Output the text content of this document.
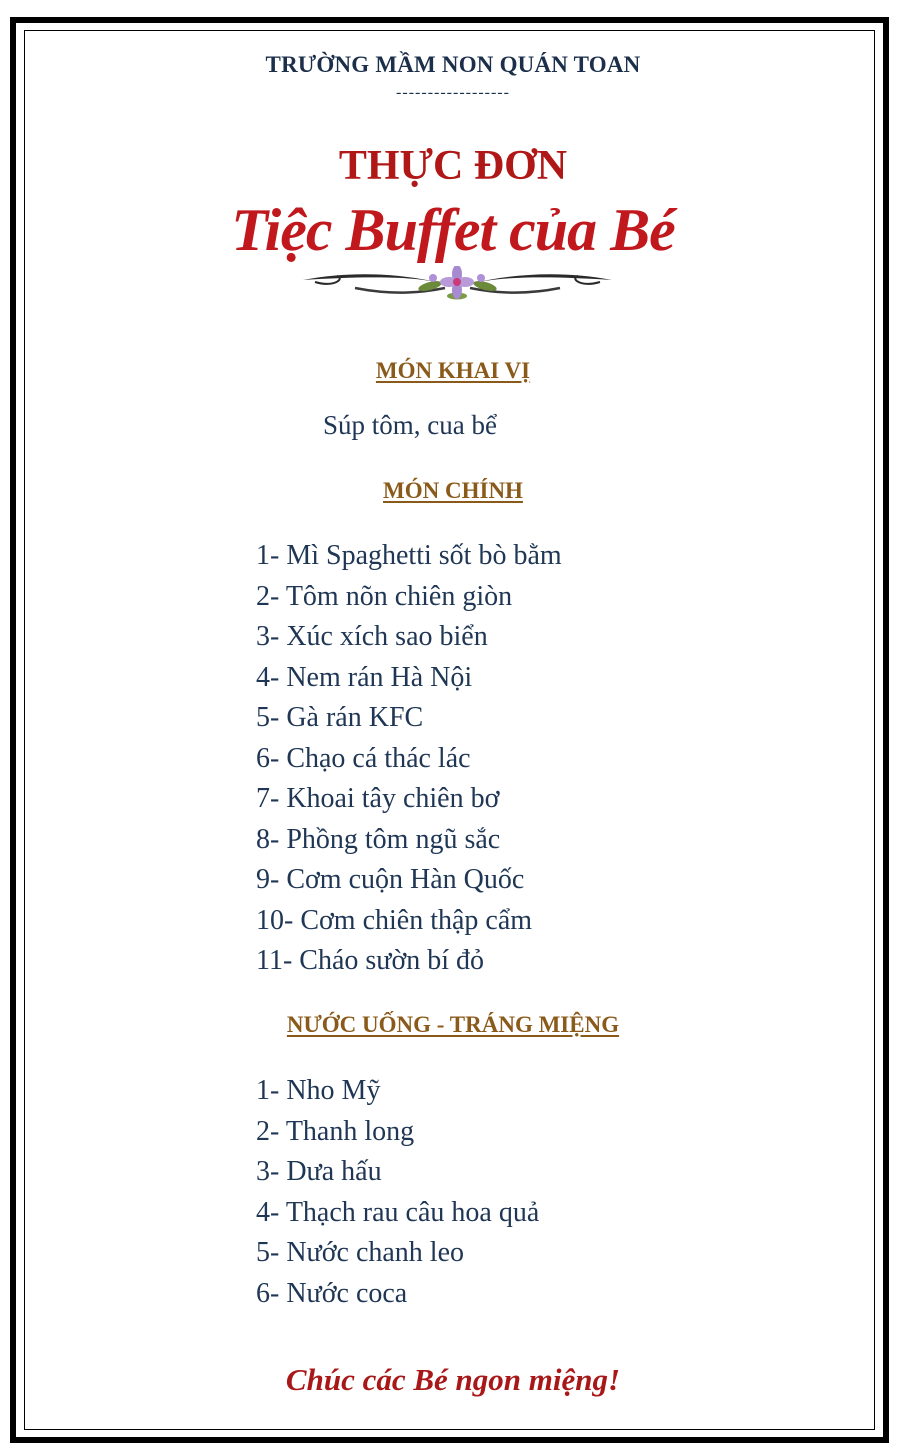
TRƯỜNG MẦM NON QUÁN TOAN
------------------
THỰC ĐƠN
Tiệc Buffet của Bé
MÓN KHAI VỊ
Súp tôm, cua bể
MÓN CHÍNH
1- Mì Spaghetti sốt bò bằm
2- Tôm nõn chiên giòn
3- Xúc xích sao biển
4- Nem rán Hà Nội
5- Gà rán KFC
6- Chạo cá thác lác
7- Khoai tây chiên bơ
8- Phồng tôm ngũ sắc
9- Cơm cuộn Hàn Quốc
10- Cơm chiên thập cẩm
11- Cháo sườn bí đỏ
NƯỚC UỐNG - TRÁNG MIỆNG
1- Nho Mỹ
2- Thanh long
3- Dưa hấu
4- Thạch rau câu hoa quả
5- Nước chanh leo
6- Nước coca
Chúc các Bé ngon miệng!
